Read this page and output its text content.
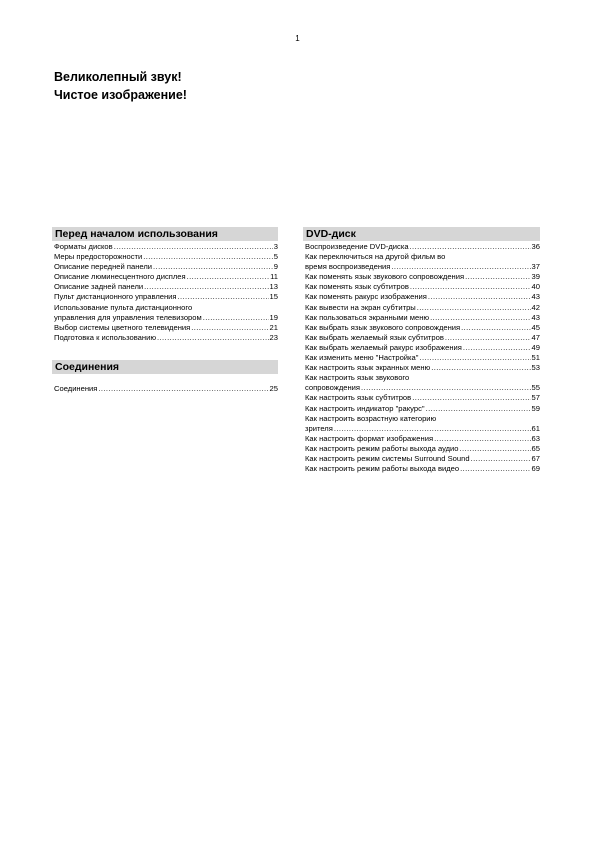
1
Великолепный звук!
Чистое изображение!
Перед началом использования
Форматы дисков .....	3
Меры предосторожности .....	5
Описание передней панели .....	9
Описание люминесцентного дисплея .....	11
Описание задней панели .....	13
Пульт дистанционного управления .....	15
Использование пульта дистанционного
управления для управления телевизором .....	19
Выбор системы цветного телевидения .....	21
Подготовка к использованию .....	23
Соединения
Соединения .....	25
DVD-диск
Воспроизведение DVD-диска .....	36
Как переключиться на другой фильм во
время воспроизведения .....	37
Как поменять язык звукового сопровождения .....	39
Как поменять язык субтитров .....	40
Как поменять ракурс изображения .....	43
Как вывести на экран субтитры .....	42
Как пользоваться экранными меню .....	43
Как выбрать язык звукового сопровождения .....	45
Как выбрать желаемый язык субтитров .....	47
Как выбрать желаемый ракурс изображения .....	49
Как изменить меню "Настройка" .....	51
Как настроить язык экранных меню .....	53
Как настроить язык звукового
сопровождения .....	55
Как настроить язык субтитров .....	57
Как настроить индикатор "ракурс" .....	59
Как настроить возрастную категорию
зрителя .....	61
Как настроить формат изображения .....	63
Как настроить режим работы выхода аудио .....	65
Как настроить режим системы Surround Sound .....	67
Как настроить режим работы выхода видео .....	69
